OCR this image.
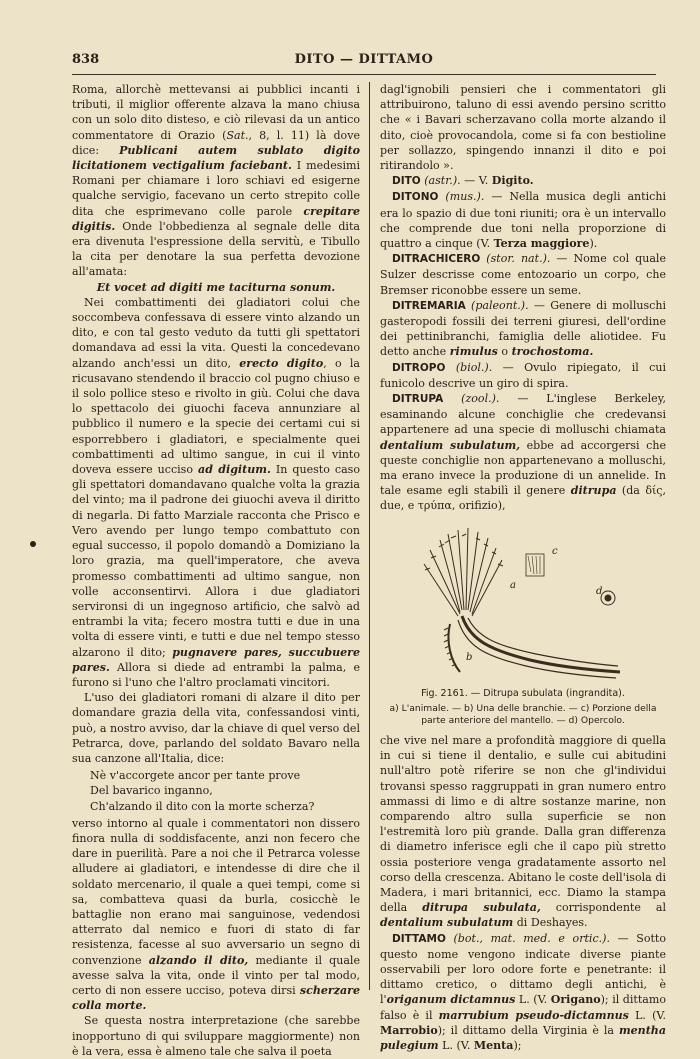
838	DITO — DITTAMO

Roma, allorchè mettevansi ai pubblici incanti i tributi, il miglior offerente alzava la mano chiusa con un solo dito disteso, e ciò rilevasi da un antico commentatore di Orazio (Sat., 8, l. 11) là dove dice: Publicani autem sublato digito licitationem vectigalium faciebant. I medesimi Romani per chiamare i loro schiavi ed esigerne qualche servigio, facevano un certo strepito colle dita che esprimevano colle parole crepitare digitis. Onde l'obbedienza al segnale delle dita era divenuta l'espressione della servitù, e Tibullo la cita per denotare la sua perfetta devozione all'amata:

Et vocet ad digiti me taciturna sonum.

Nei combattimenti dei gladiatori colui che soccombeva confessava di essere vinto alzando un dito, e con tal gesto veduto da tutti gli spettatori domandava ad essi la vita. Questi la concedevano alzando anch'essi un dito, erecto digito, o la ricusavano stendendo il braccio col pugno chiuso e il solo pollice steso e rivolto in giù. Colui che dava lo spettacolo dei giuochi faceva annunziare al pubblico il numero e la specie dei certami cui si esporrebbero i gladiatori, e specialmente quei combattimenti ad ultimo sangue, in cui il vinto doveva essere ucciso ad digitum. In questo caso gli spettatori domandavano qualche volta la grazia del vinto; ma il padrone dei giuochi aveva il diritto di negarla. Di fatto Marziale racconta che Prisco e Vero avendo per lungo tempo combattuto con egual successo, il popolo domandò a Domiziano la loro grazia, ma quell'imperatore, che aveva promesso combattimenti ad ultimo sangue, non volle acconsentirvi. Allora i due gladiatori servironsi di un ingegnoso artificio, che salvò ad entrambi la vita; fecero mostra tutti e due in una volta di essere vinti, e tutti e due nel tempo stesso alzarono il dito; pugnavere pares, succubuere pares. Allora si diede ad entrambi la palma, e furono si l'uno che l'altro proclamati vincitori.

L'uso dei gladiatori romani di alzare il dito per domandare grazia della vita, confessandosi vinti, può, a nostro avviso, dar la chiave di quel verso del Petrarca, dove, parlando del soldato Bavaro nella sua canzone all'Italia, dice:

Nè v'accorgete ancor per tante prove
Del bavarico inganno,
Ch'alzando il dito con la morte scherza?

verso intorno al quale i commentatori non dissero finora nulla di soddisfacente, anzi non fecero che dare in puerilità. Pare a noi che il Petrarca volesse alludere ai gladiatori, e intendesse di dire che il soldato mercenario, il quale a quei tempi, come si sa, combatteva quasi da burla, cosicchè le battaglie non erano mai sanguinose, vedendosi atterrato dal nemico e fuori di stato di far resistenza, facesse al suo avversario un segno di convenzione alzando il dito, mediante il quale avesse salva la vita, onde il vinto per tal modo, certo di non essere ucciso, poteva dirsi scherzare colla morte.

Se questa nostra interpretazione (che sarebbe inopportuno di qui sviluppare maggiormente) non è la vera, essa è almeno tale che salva il poeta

dagl'ignobili pensieri che i commentatori gli attribuirono, taluno di essi avendo persino scritto che « i Bavari scherzavano colla morte alzando il dito, cioè provocandola, come si fa con bestioline per sollazzo, spingendo innanzi il dito e poi ritirandolo ».

DITO (astr.). — V. Digito.

DITONO (mus.). — Nella musica degli antichi era lo spazio di due toni riuniti; ora è un intervallo che comprende due toni nella proporzione di quattro a cinque (V. Terza maggiore).

DITRACHICERO (stor. nat.). — Nome col quale Sulzer descrisse come entozoario un corpo, che Bremser riconobbe essere un seme.

DITREMARIA (paleont.). — Genere di molluschi gasteropodi fossili dei terreni giuresi, dell'ordine dei pettinibranchi, famiglia delle aliotidee. Fu detto anche rimulus o trochostoma.

DITROPO (biol.). — Ovulo ripiegato, il cui funicolo descrive un giro di spira.

DITRUPA (zool.). — L'inglese Berkeley, esaminando alcune conchiglie che credevansi appartenere ad una specie di molluschi chiamata dentalium subulatum, ebbe ad accorgersi che queste conchiglie non appartenevano a molluschi, ma erano invece la produzione di un annelide. In tale esame egli stabilì il genere ditrupa (da δίς, due, e τρύπα, orifizio),

a
b
c
d
Fig. 2161. — Ditrupa subulata (ingrandita).
a) L'animale. — b) Una delle branchie. — c) Porzione della parte anteriore del mantello. — d) Opercolo.

che vive nel mare a profondità maggiore di quella in cui si tiene il dentalio, e sulle cui abitudini null'altro potè riferire se non che gl'individui trovansi spesso raggruppati in gran numero entro ammassi di limo e di altre sostanze marine, non comparendo altro sulla superficie se non l'estremità loro più grande. Dalla gran differenza di diametro inferisce egli che il capo più stretto ossia posteriore venga gradatamente assorto nel corso della crescenza. Abitano le coste dell'isola di Madera, i mari britannici, ecc. Diamo la stampa della ditrupa subulata, corrispondente al dentalium subulatum di Deshayes.

DITTAMO (bot., mat. med. e ortic.). — Sotto questo nome vengono indicate diverse piante osservabili per loro odore forte e penetrante: il dittamo cretico, o dittamo degli antichi, è l'origanum dictamnus L. (V. Origano); il dittamo falso è il marrubium pseudo-dictamnus L. (V. Marrobio); il dittamo della Virginia è la mentha pulegium L. (V. Menta);
